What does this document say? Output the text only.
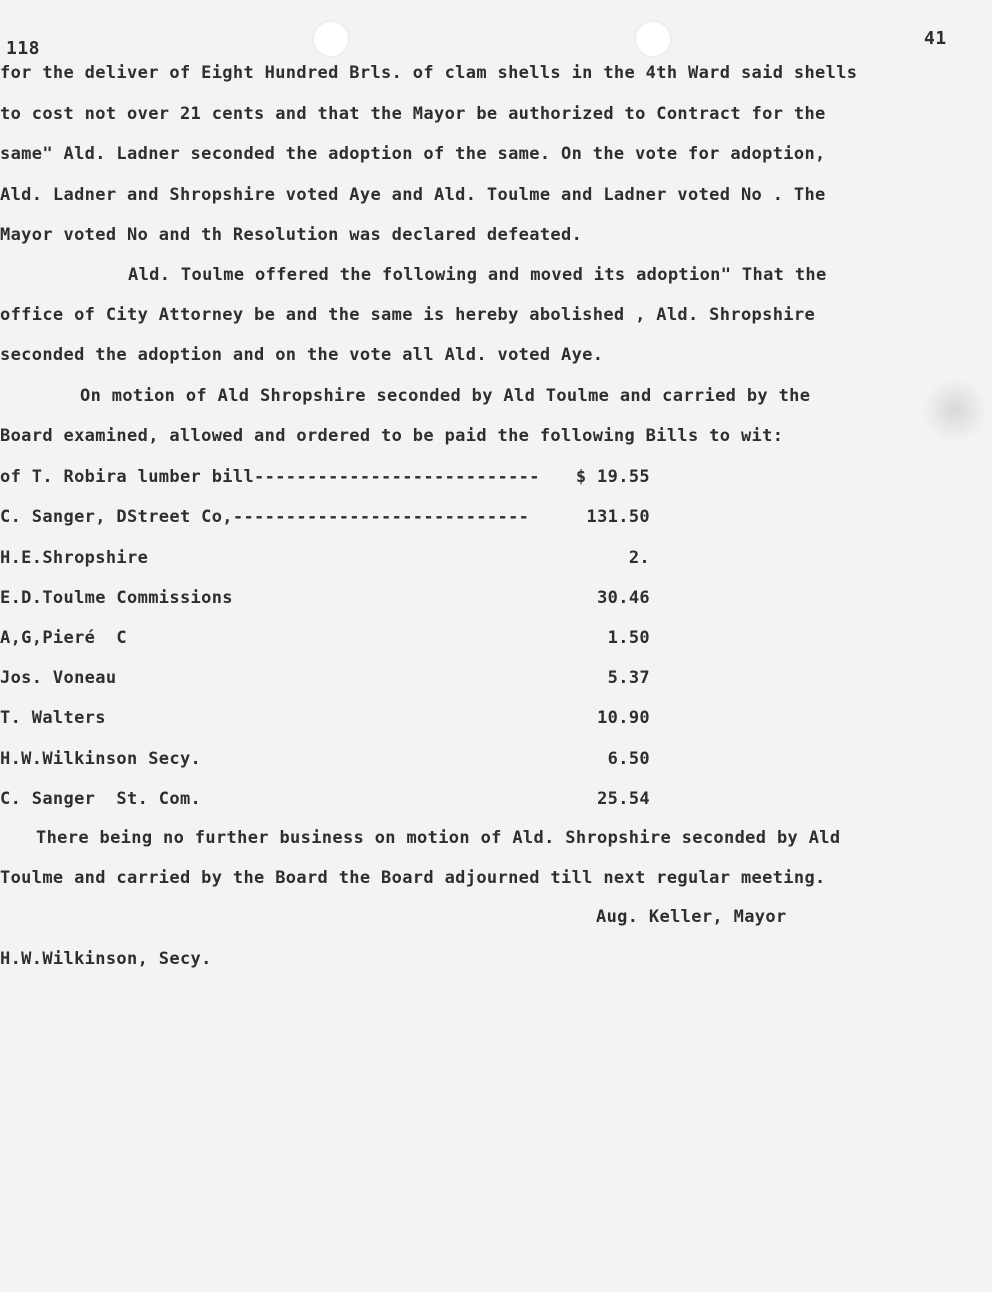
118	41
for the deliver of Eight Hundred Brls. of clam shells in the 4th Ward said shells
to cost not over 21 cents and that the Mayor be authorized to Contract for the
same" Ald. Ladner seconded the adoption of the same. On the vote for adoption,
Ald. Ladner and Shropshire voted Aye and Ald. Toulme and Ladner voted No . The
Mayor voted No and th Resolution was declared defeated.
Ald. Toulme offered the following and moved its adoption" That the
office of City Attorney be and the same is hereby abolished , Ald. Shropshire
seconded the adoption and on the vote all Ald. voted Aye.
On motion of Ald Shropshire seconded by Ald Toulme and carried by the
Board examined, allowed and ordered to be paid the following Bills to wit:
of T. Robira lumber bill--------------------------- $ 19.55
C. Sanger, DStreet Co,----------------------------	131.50
H.E.Shropshire	2.
E.D.Toulme Commissions	30.46
A,G,Pieré  C	1.50
Jos. Voneau	5.37
T. Walters	10.90
H.W.Wilkinson Secy.	6.50
C. Sanger  St. Com.	25.54
There being no further business on motion of Ald. Shropshire seconded by Ald
Toulme and carried by the Board the Board adjourned till next regular meeting.
Aug. Keller, Mayor
H.W.Wilkinson, Secy.
